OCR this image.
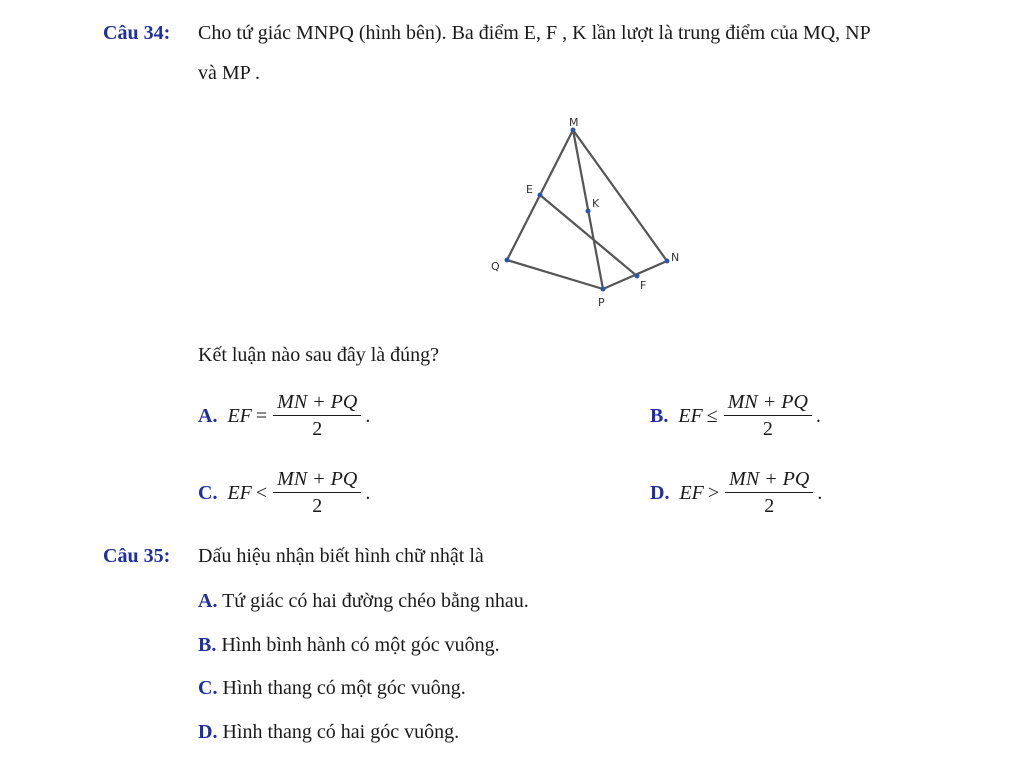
Câu 34: Cho tứ giác MNPQ (hình bên). Ba điểm E, F , K lần lượt là trung điểm của MQ, NP
và MP .
M
E
K
Q
N
F
P
Kết luận nào sau đây là đúng?
A. EF = $\frac{MN + PQ}{2}$ .	B. EF ≤ $\frac{MN + PQ}{2}$ .
C. EF < $\frac{MN + PQ}{2}$ .	D. EF > $\frac{MN + PQ}{2}$ .
Câu 35: Dấu hiệu nhận biết hình chữ nhật là
A. Tứ giác có hai đường chéo bằng nhau.
B. Hình bình hành có một góc vuông.
C. Hình thang có một góc vuông.
D. Hình thang có hai góc vuông.
